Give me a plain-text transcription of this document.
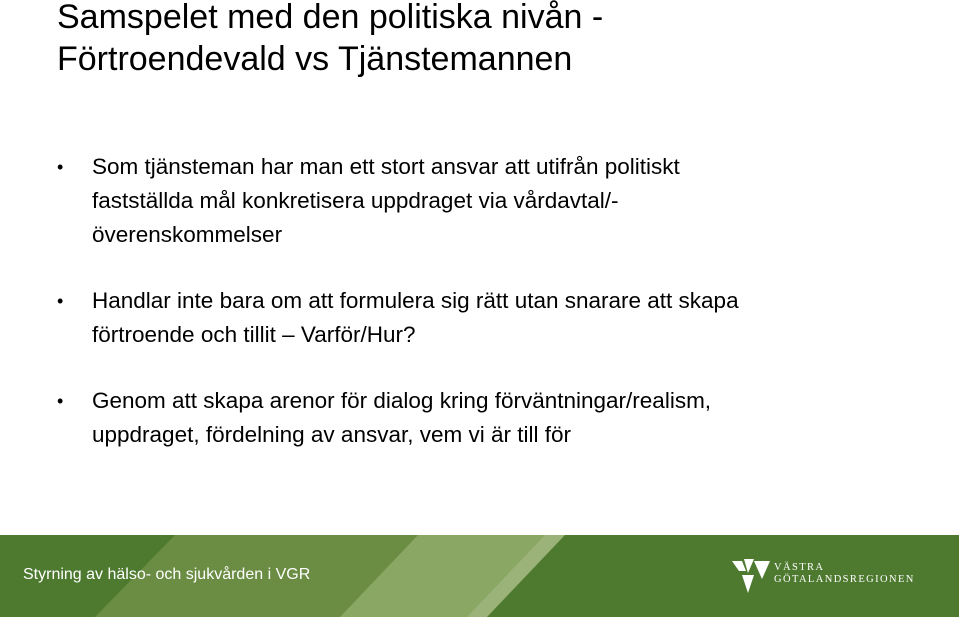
Samspelet med den politiska nivån -
Förtroendevald vs Tjänstemannen
• Som tjänsteman har man ett stort ansvar att utifrån politiskt
fastställda mål konkretisera uppdraget via vårdavtal/-
överenskommelser
• Handlar inte bara om att formulera sig rätt utan snarare att skapa
förtroende och tillit – Varför/Hur?
• Genom att skapa arenor för dialog kring förväntningar/realism,
uppdraget, fördelning av ansvar, vem vi är till för
Styrning av hälso- och sjukvården i VGR	VÄSTRA
GÖTALANDSREGIONEN
